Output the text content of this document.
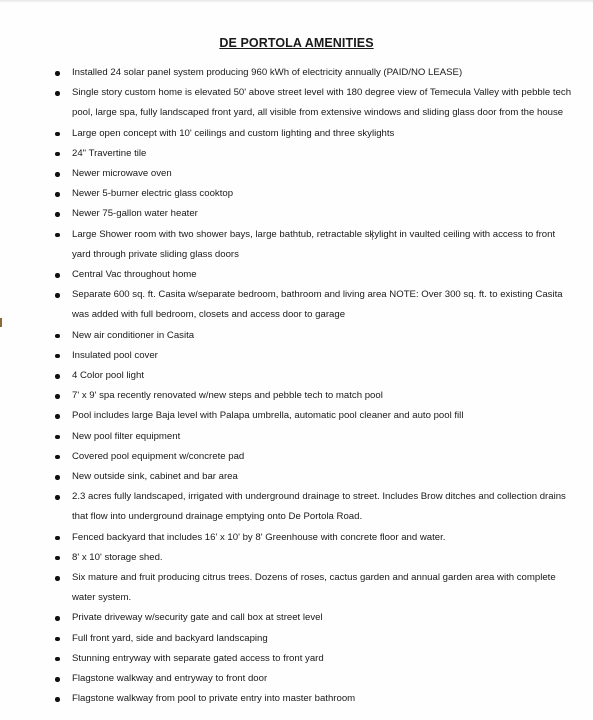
DE PORTOLA AMENITIES
Installed 24 solar panel system producing 960 kWh of electricity annually (PAID/NO LEASE)
Single story custom home is elevated 50' above street level with 180 degree view of Temecula Valley with pebble tech pool, large spa, fully landscaped front yard, all visible from extensive windows and sliding glass door from the house
Large open concept with 10' ceilings and custom lighting and three skylights
24" Travertine tile
Newer microwave oven
Newer 5-burner electric glass cooktop
Newer 75-gallon water heater
Large Shower room with two shower bays, large bathtub, retractable skylight in vaulted ceiling with access to front yard through private sliding glass doors
Central Vac throughout home
Separate 600 sq. ft. Casita w/separate bedroom, bathroom and living area NOTE: Over 300 sq. ft. to existing Casita was added with full bedroom, closets and access door to garage
New air conditioner in Casita
Insulated pool cover
4 Color pool light
7' x 9' spa recently renovated w/new steps and pebble tech to match pool
Pool includes large Baja level with Palapa umbrella, automatic pool cleaner and auto pool fill
New pool filter equipment
Covered pool equipment w/concrete pad
New outside sink, cabinet and bar area
2.3 acres fully landscaped, irrigated with underground drainage to street. Includes Brow ditches and collection drains that flow into underground drainage emptying onto De Portola Road.
Fenced backyard that includes 16' x 10' by 8' Greenhouse with concrete floor and water.
8' x 10' storage shed.
Six mature and fruit producing citrus trees. Dozens of roses, cactus garden and annual garden area with complete water system.
Private driveway w/security gate and call box at street level
Full front yard, side and backyard landscaping
Stunning entryway with separate gated access to front yard
Flagstone walkway and entryway to front door
Flagstone walkway from pool to private entry into master bathroom
